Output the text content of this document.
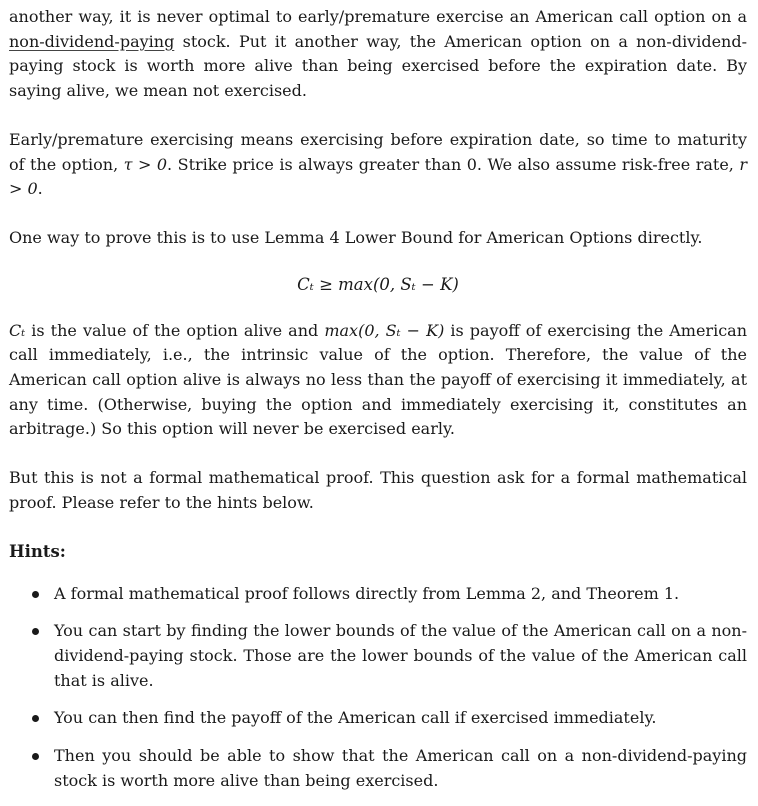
another way, it is never optimal to early/premature exercise an American call option on a non-dividend-paying stock. Put it another way, the American option on a non-dividend-paying stock is worth more alive than being exercised before the expiration date. By saying alive, we mean not exercised.

Early/premature exercising means exercising before expiration date, so time to maturity of the option, τ > 0. Strike price is always greater than 0. We also assume risk-free rate, r > 0.

One way to prove this is to use Lemma 4 Lower Bound for American Options directly.

Cₜ ≥ max(0, Sₜ − K)

Cₜ is the value of the option alive and max(0, Sₜ − K) is payoff of exercising the American call immediately, i.e., the intrinsic value of the option. Therefore, the value of the American call option alive is always no less than the payoff of exercising it immediately, at any time. (Otherwise, buying the option and immediately exercising it, constitutes an arbitrage.) So this option will never be exercised early.

But this is not a formal mathematical proof. This question ask for a formal mathematical proof. Please refer to the hints below.

Hints:
A formal mathematical proof follows directly from Lemma 2, and Theorem 1.
You can start by finding the lower bounds of the value of the American call on a non-dividend-paying stock. Those are the lower bounds of the value of the American call that is alive.
You can then find the payoff of the American call if exercised immediately.
Then you should be able to show that the American call on a non-dividend-paying stock is worth more alive than being exercised.
